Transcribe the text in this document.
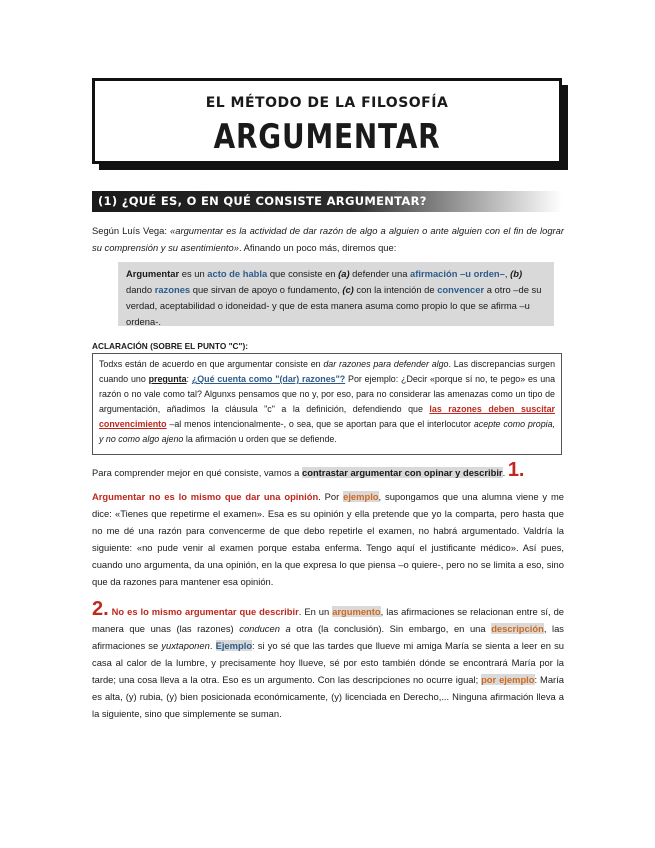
EL MÉTODO DE LA FILOSOFÍA
ARGUMENTAR
(1) ¿QUÉ ES, O EN QUÉ CONSISTE ARGUMENTAR?
Según Luís Vega: «argumentar es la actividad de dar razón de algo a alguien o ante alguien con el fin de lograr su comprensión y su asentimiento». Afinando un poco más, diremos que:
Argumentar es un acto de habla que consiste en (a) defender una afirmación –u orden–, (b) dando razones que sirvan de apoyo o fundamento, (c) con la intención de convencer a otro –de su verdad, aceptabilidad o idoneidad- y que de esta manera asuma como propio lo que se afirma –u ordena-.
ACLARACIÓN (SOBRE EL PUNTO "C"):
Todxs están de acuerdo en que argumentar consiste en dar razones para defender algo. Las discrepancias surgen cuando uno pregunta: ¿Qué cuenta como "(dar) razones"? Por ejemplo: ¿Decir «porque sí no, te pego» es una razón o no vale como tal? Algunxs pensamos que no y, por eso, para no considerar las amenazas como un tipo de argumentación, añadimos la cláusula "c" a la definición, defendiendo que las razones deben suscitar convencimiento –al menos intencionalmente-, o sea, que se aportan para que el interlocutor acepte como propia, y no como algo ajeno la afirmación u orden que se defiende.
Para comprender mejor en qué consiste, vamos a contrastar argumentar con opinar y describir. 1.
Argumentar no es lo mismo que dar una opinión. Por ejemplo, supongamos que una alumna viene y me dice: «Tienes que repetirme el examen». Esa es su opinión y ella pretende que yo la comparta, pero hasta que no me dé una razón para convencerme de que debo repetirle el examen, no habrá argumentado. Valdría la siguiente: «no pude venir al examen porque estaba enferma. Tengo aquí el justificante médico». Así pues, cuando uno argumenta, da una opinión, en la que expresa lo que piensa –o quiere-, pero no se limita a eso, sino que da razones para mantener esa opinión.
2. No es lo mismo argumentar que describir. En un argumento, las afirmaciones se relacionan entre sí, de manera que unas (las razones) conducen a otra (la conclusión). Sin embargo, en una descripción, las afirmaciones se yuxtaponen. Ejemplo: si yo sé que las tardes que llueve mi amiga María se sienta a leer en su casa al calor de la lumbre, y precisamente hoy llueve, sé por esto también dónde se encontrará María por la tarde; una cosa lleva a la otra. Eso es un argumento. Con las descripciones no ocurre igual; por ejemplo: María es alta, (y) rubia, (y) bien posicionada económicamente, (y) licenciada en Derecho,... Ninguna afirmación lleva a la siguiente, sino que simplemente se suman.
